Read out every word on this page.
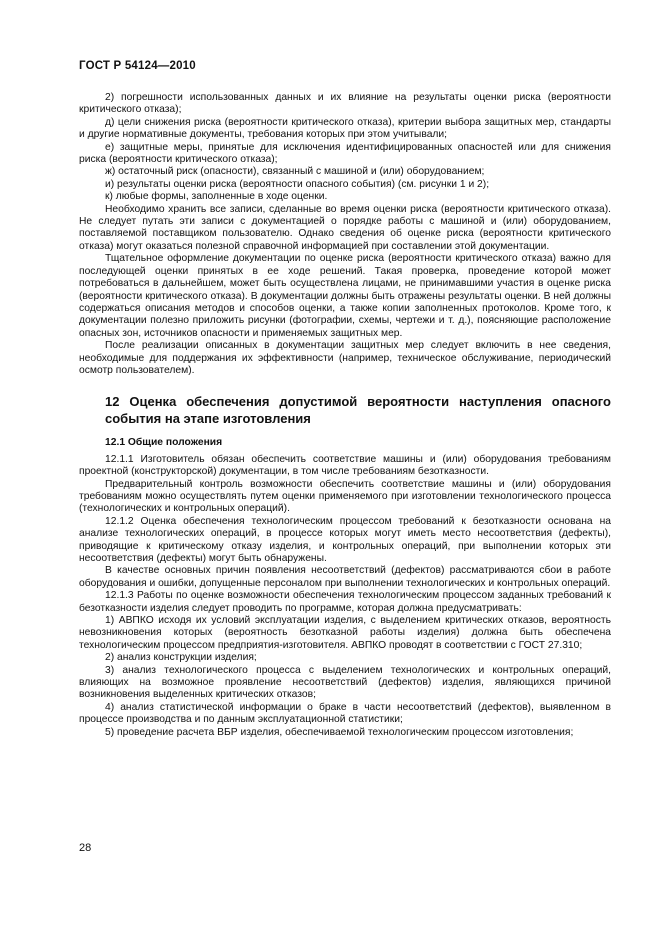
ГОСТ Р 54124—2010

2) погрешности использованных данных и их влияние на результаты оценки риска (вероятности критического отказа);

д) цели снижения риска (вероятности критического отказа), критерии выбора защитных мер, стандарты и другие нормативные документы, требования которых при этом учитывали;

е) защитные меры, принятые для исключения идентифицированных опасностей или для снижения риска (вероятности критического отказа);

ж) остаточный риск (опасности), связанный с машиной и (или) оборудованием;

и) результаты оценки риска (вероятности опасного события) (см. рисунки 1 и 2);

к) любые формы, заполненные в ходе оценки.

Необходимо хранить все записи, сделанные во время оценки риска (вероятности критического отказа). Не следует путать эти записи с документацией о порядке работы с машиной и (или) оборудованием, поставляемой поставщиком пользователю. Однако сведения об оценке риска (вероятности критического отказа) могут оказаться полезной справочной информацией при составлении этой документации.

Тщательное оформление документации по оценке риска (вероятности критического отказа) важно для последующей оценки принятых в ее ходе решений. Такая проверка, проведение которой может потребоваться в дальнейшем, может быть осуществлена лицами, не принимавшими участия в оценке риска (вероятности критического отказа). В документации должны быть отражены результаты оценки. В ней должны содержаться описания методов и способов оценки, а также копии заполненных протоколов. Кроме того, к документации полезно приложить рисунки (фотографии, схемы, чертежи и т. д.), поясняющие расположение опасных зон, источников опасности и применяемых защитных мер.

После реализации описанных в документации защитных мер следует включить в нее сведения, необходимые для поддержания их эффективности (например, техническое обслуживание, периодический осмотр пользователем).

12 Оценка обеспечения допустимой вероятности наступления опасного события на этапе изготовления

12.1 Общие положения

12.1.1 Изготовитель обязан обеспечить соответствие машины и (или) оборудования требованиям проектной (конструкторской) документации, в том числе требованиям безотказности.

Предварительный контроль возможности обеспечить соответствие машины и (или) оборудования требованиям можно осуществлять путем оценки применяемого при изготовлении технологического процесса (технологических и контрольных операций).

12.1.2 Оценка обеспечения технологическим процессом требований к безотказности основана на анализе технологических операций, в процессе которых могут иметь место несоответствия (дефекты), приводящие к критическому отказу изделия, и контрольных операций, при выполнении которых эти несоответствия (дефекты) могут быть обнаружены.

В качестве основных причин появления несоответствий (дефектов) рассматриваются сбои в работе оборудования и ошибки, допущенные персоналом при выполнении технологических и контрольных операций.

12.1.3 Работы по оценке возможности обеспечения технологическим процессом заданных требований к безотказности изделия следует проводить по программе, которая должна предусматривать:

1) АВПКО исходя их условий эксплуатации изделия, с выделением критических отказов, вероятность невозникновения которых (вероятность безотказной работы изделия) должна быть обеспечена технологическим процессом предприятия-изготовителя. АВПКО проводят в соответствии с ГОСТ 27.310;

2) анализ конструкции изделия;

3) анализ технологического процесса с выделением технологических и контрольных операций, влияющих на возможное проявление несоответствий (дефектов) изделия, являющихся причиной возникновения выделенных критических отказов;

4) анализ статистической информации о браке в части несоответствий (дефектов), выявленном в процессе производства и по данным эксплуатационной статистики;

5) проведение расчета ВБР изделия, обеспечиваемой технологическим процессом изготовления;

28
